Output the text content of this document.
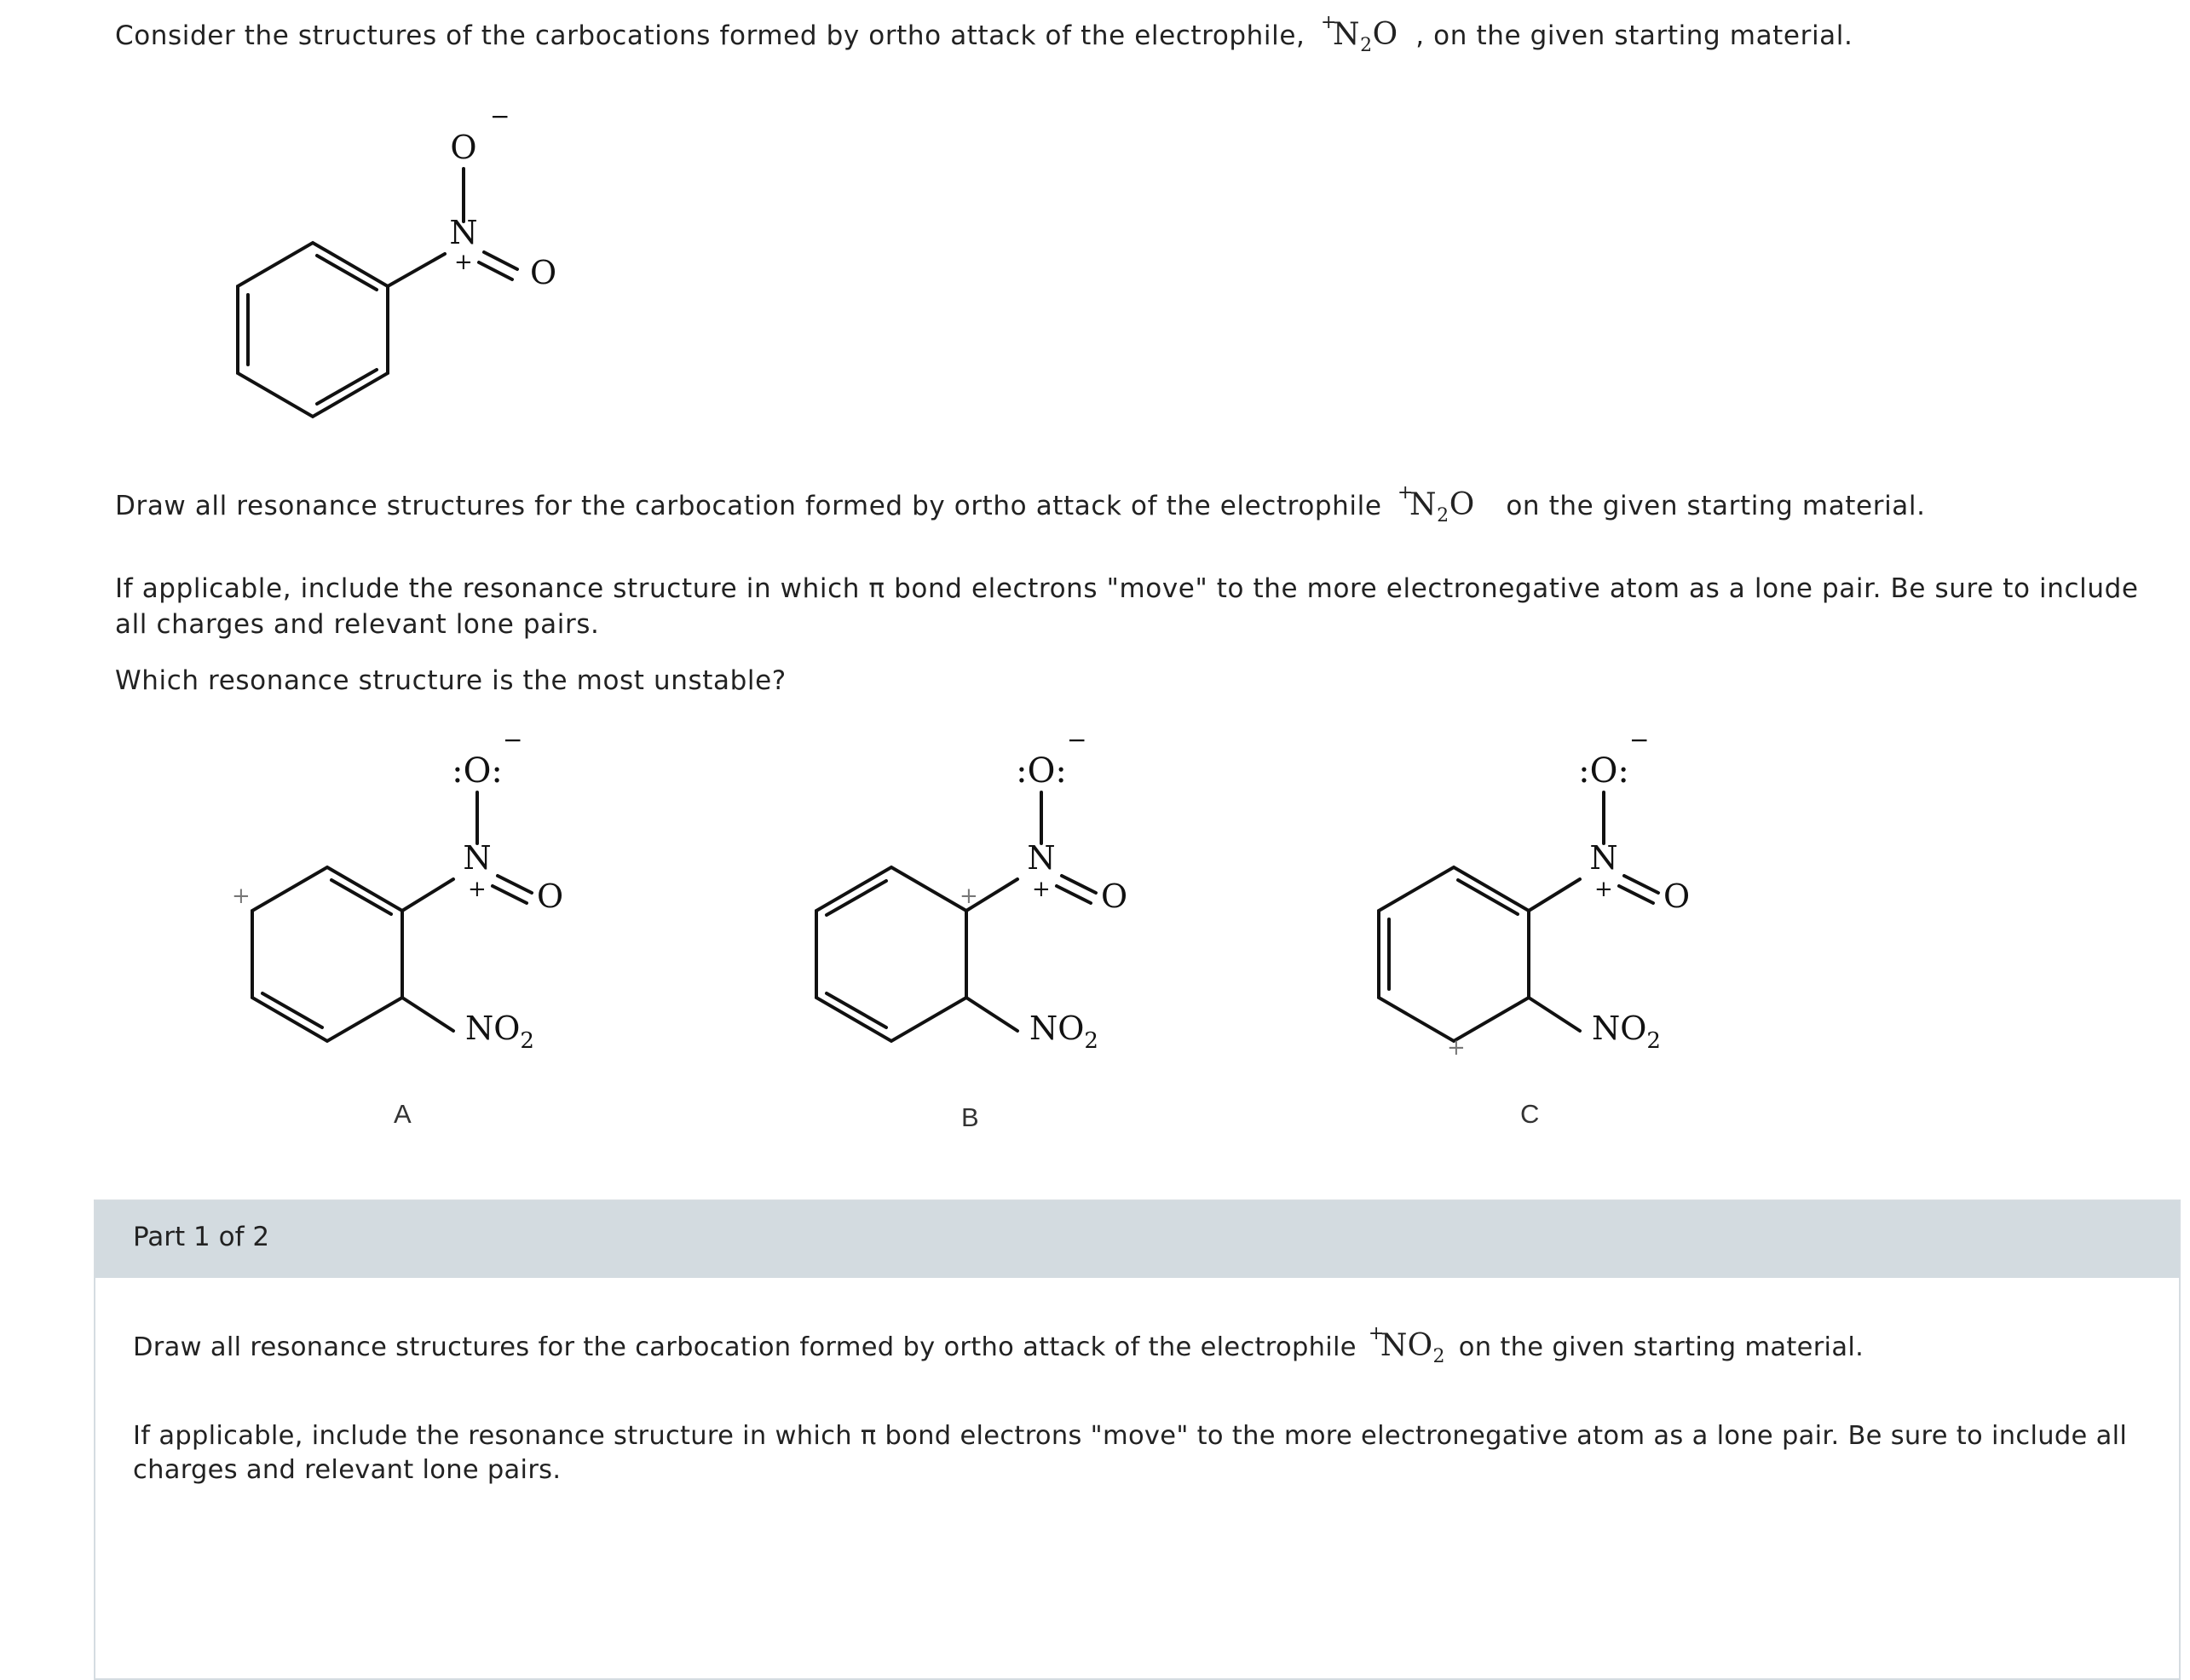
Consider the structures of the carbocations formed by ortho attack of the electrophile, +
$N_2O$ , on the given starting material.
O
−
N
+ O
Draw all resonance structures for the carbocation formed by ortho attack of the electrophile +
$N_2O$ on the given starting material.
If applicable, include the resonance structure in which π bond electrons "move" to the more electronegative atom as a lone pair. Be sure to include all charges and relevant lone pairs.
Which resonance structure is the most unstable?
:O:
−
N
+ O
+
$NO_2$
A
:O:
−
N
+ O
+
$NO_2$
B
:O:
−
N
+ O
+
$NO_2$
C
Part 1 of 2
Draw all resonance structures for the carbocation formed by ortho attack of the electrophile +
$NO_2$ on the given starting material.
If applicable, include the resonance structure in which π bond electrons "move" to the more electronegative atom as a lone pair. Be sure to include all charges and relevant lone pairs.
